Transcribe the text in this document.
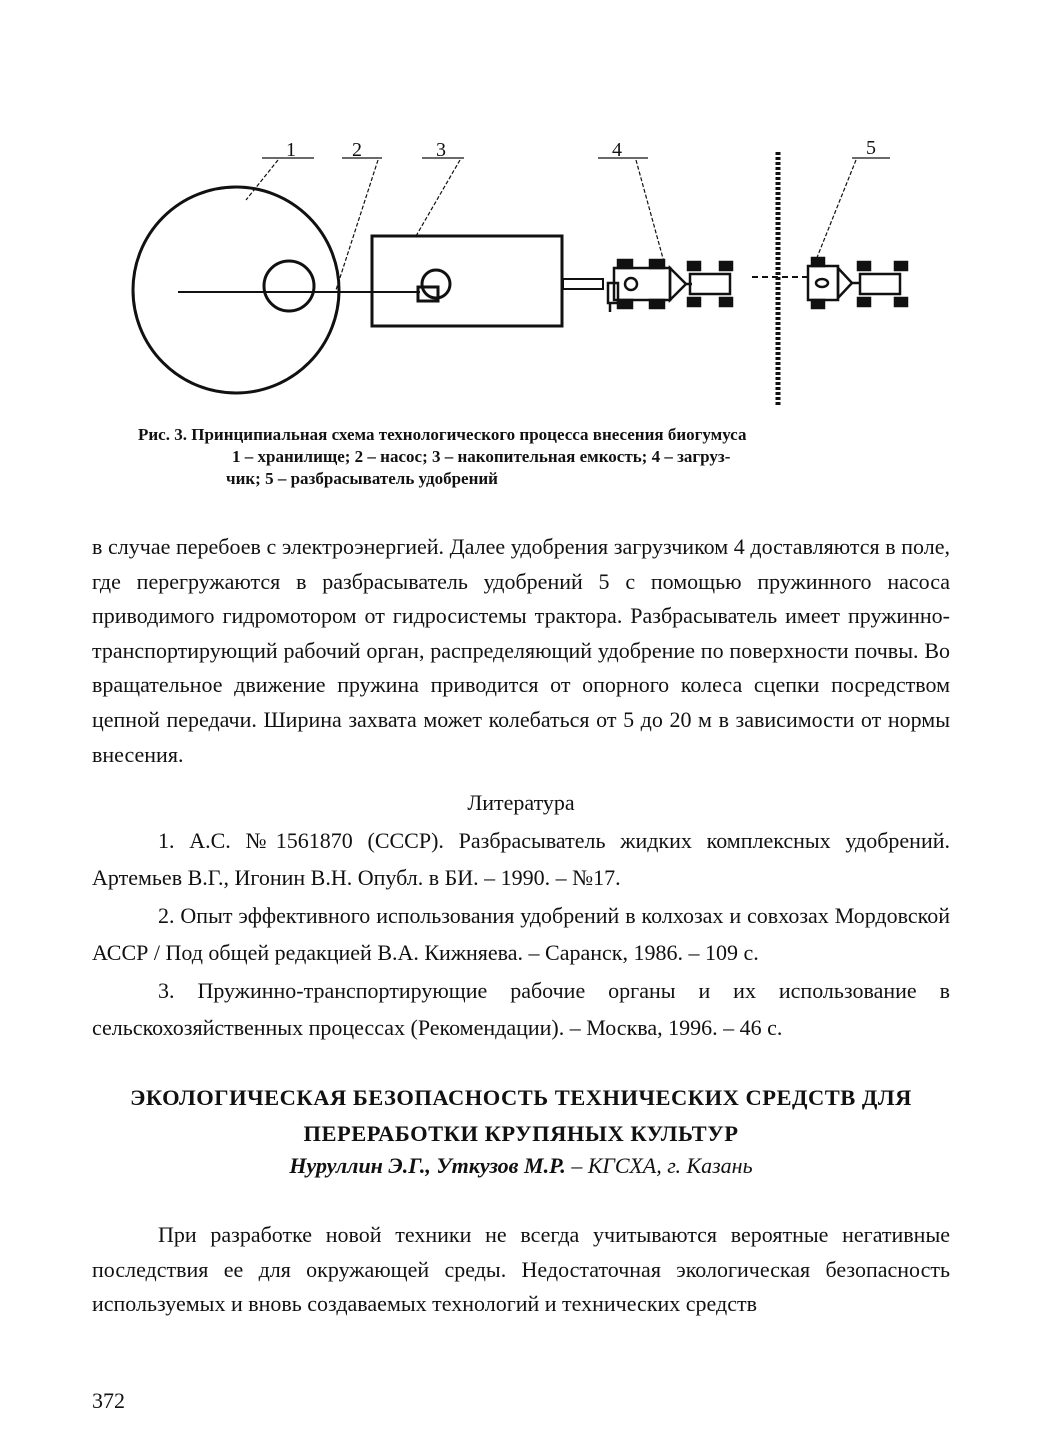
1	2	3	4	5
Рис. 3. Принципиальная схема технологического процесса внесения биогумуса
1 – хранилище; 2 – насос; 3 – накопительная емкость; 4 – загруз-
чик; 5 – разбрасыватель удобрений
в случае перебоев с электроэнергией. Далее удобрения загрузчиком 4 доставляются в поле, где перегружаются в разбрасыватель удобрений 5 с помощью пружинного насоса приводимого гидромотором от гидросистемы трактора. Разбрасыватель имеет пружинно-транспортирующий рабочий орган, распределяющий удобрение по поверхности почвы. Во вращательное движение пружина приводится от опорного колеса сцепки посредством цепной передачи. Ширина захвата может колебаться от 5 до 20 м в зависимости от нормы внесения.
Литература
1. А.С. №1561870 (СССР). Разбрасыватель жидких комплексных удобрений. Артемьев В.Г., Игонин В.Н. Опубл. в БИ. – 1990. – №17.
2. Опыт эффективного использования удобрений в колхозах и совхозах Мордовской АССР / Под общей редакцией В.А. Кижняева. – Саранск, 1986. – 109 с.
3. Пружинно-транспортирующие рабочие органы и их использование в сельскохозяйственных процессах (Рекомендации). – Москва, 1996. – 46 с.
ЭКОЛОГИЧЕСКАЯ БЕЗОПАСНОСТЬ ТЕХНИЧЕСКИХ СРЕДСТВ ДЛЯ
ПЕРЕРАБОТКИ КРУПЯНЫХ КУЛЬТУР
Нуруллин Э.Г., Уткузов М.Р. – КГСХА, г. Казань
При разработке новой техники не всегда учитываются вероятные негативные последствия ее для окружающей среды. Недостаточная экологическая безопасность используемых и вновь создаваемых технологий и технических средств
372
